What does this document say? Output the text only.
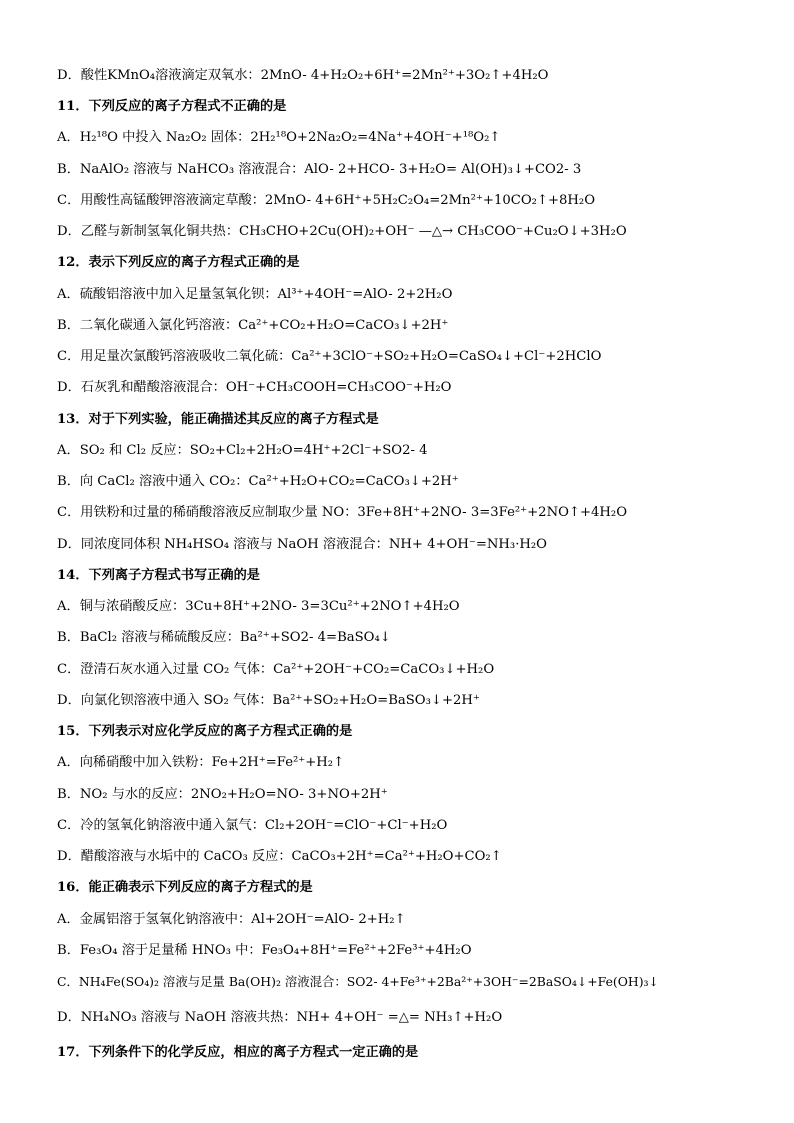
D．酸性KMnO₄溶液滴定双氧水：2MnO- 4+H₂O₂+6H⁺=2Mn²⁺+3O₂↑+4H₂O
11．下列反应的离子方程式不正确的是
A．H₂¹⁸O 中投入 Na₂O₂ 固体：2H₂¹⁸O+2Na₂O₂=4Na⁺+4OH⁻+¹⁸O₂↑
B．NaAlO₂ 溶液与 NaHCO₃ 溶液混合：AlO- 2+HCO- 3+H₂O= Al(OH)₃↓+CO2- 3
C．用酸性高锰酸钾溶液滴定草酸：2MnO- 4+6H⁺+5H₂C₂O₄=2Mn²⁺+10CO₂↑+8H₂O
D．乙醛与新制氢氧化铜共热：CH₃CHO+2Cu(OH)₂+OH⁻ —△→ CH₃COO⁻+Cu₂O↓+3H₂O
12．表示下列反应的离子方程式正确的是
A．硫酸铝溶液中加入足量氢氧化钡：Al³⁺+4OH⁻=AlO- 2+2H₂O
B．二氧化碳通入氯化钙溶液：Ca²⁺+CO₂+H₂O=CaCO₃↓+2H⁺
C．用足量次氯酸钙溶液吸收二氧化硫：Ca²⁺+3ClO⁻+SO₂+H₂O=CaSO₄↓+Cl⁻+2HClO
D．石灰乳和醋酸溶液混合：OH⁻+CH₃COOH=CH₃COO⁻+H₂O
13．对于下列实验，能正确描述其反应的离子方程式是
A．SO₂ 和 Cl₂ 反应：SO₂+Cl₂+2H₂O=4H⁺+2Cl⁻+SO2- 4
B．向 CaCl₂ 溶液中通入 CO₂：Ca²⁺+H₂O+CO₂=CaCO₃↓+2H⁺
C．用铁粉和过量的稀硝酸溶液反应制取少量 NO：3Fe+8H⁺+2NO- 3=3Fe²⁺+2NO↑+4H₂O
D．同浓度同体积 NH₄HSO₄ 溶液与 NaOH 溶液混合：NH+ 4+OH⁻=NH₃·H₂O
14．下列离子方程式书写正确的是
A．铜与浓硝酸反应：3Cu+8H⁺+2NO- 3=3Cu²⁺+2NO↑+4H₂O
B．BaCl₂ 溶液与稀硫酸反应：Ba²⁺+SO2- 4=BaSO₄↓
C．澄清石灰水通入过量 CO₂ 气体：Ca²⁺+2OH⁻+CO₂=CaCO₃↓+H₂O
D．向氯化钡溶液中通入 SO₂ 气体：Ba²⁺+SO₂+H₂O=BaSO₃↓+2H⁺
15．下列表示对应化学反应的离子方程式正确的是
A．向稀硝酸中加入铁粉：Fe+2H⁺=Fe²⁺+H₂↑
B．NO₂ 与水的反应：2NO₂+H₂O=NO- 3+NO+2H⁺
C．冷的氢氧化钠溶液中通入氯气：Cl₂+2OH⁻=ClO⁻+Cl⁻+H₂O
D．醋酸溶液与水垢中的 CaCO₃ 反应：CaCO₃+2H⁺=Ca²⁺+H₂O+CO₂↑
16．能正确表示下列反应的离子方程式的是
A．金属铝溶于氢氧化钠溶液中：Al+2OH⁻=AlO- 2+H₂↑
B．Fe₃O₄ 溶于足量稀 HNO₃ 中：Fe₃O₄+8H⁺=Fe²⁺+2Fe³⁺+4H₂O
C．NH₄Fe(SO₄)₂ 溶液与足量 Ba(OH)₂ 溶液混合：SO2- 4+Fe³⁺+2Ba²⁺+3OH⁻=2BaSO₄↓+Fe(OH)₃↓
D．NH₄NO₃ 溶液与 NaOH 溶液共热：NH+ 4+OH⁻ =△= NH₃↑+H₂O
17．下列条件下的化学反应，相应的离子方程式一定正确的是
